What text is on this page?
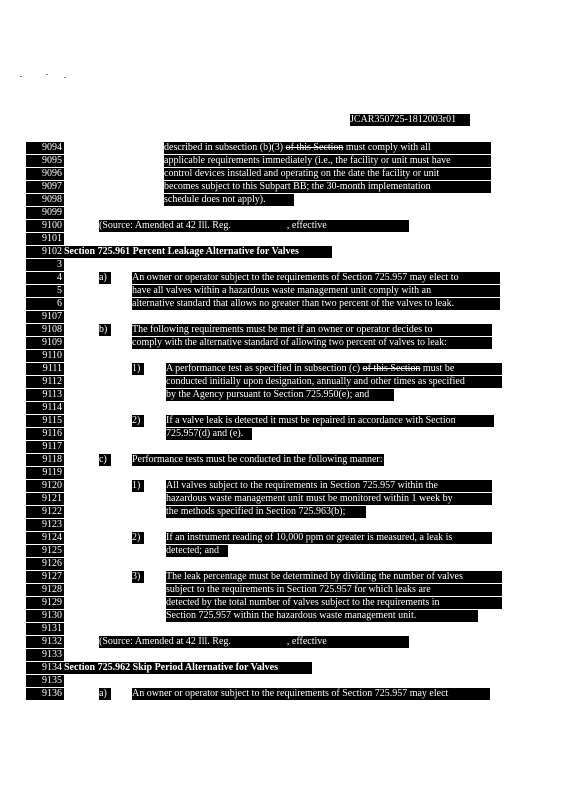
JCAR350725-1812003r01
9094
9095
9096
9097
9098
9099
9100
9101
9102
3
4
5
6
9107
9108
9109
9110
9111
9112
9113
9114
9115
9116
9117
9118
9119
9120
9121
9122
9123
9124
9125
9126
9127
9128
9129
9130
9131
9132
9133
9134
9135
9136
described in subsection (b)(3) of this Section must comply with all
applicable requirements immediately (i.e., the facility or unit must have
control devices installed and operating on the date the facility or unit
becomes subject to this Subpart BB; the 30-month implementation
schedule does not apply).
(Source: Amended at 42 Ill. Reg.	, effective	)
Section 725.961 Percent Leakage Alternative for Valves
a)	An owner or operator subject to the requirements of Section 725.957 may elect to
have all valves within a hazardous waste management unit comply with an
alternative standard that allows no greater than two percent of the valves to leak.
b)	The following requirements must be met if an owner or operator decides to
comply with the alternative standard of allowing two percent of valves to leak:
1)	A performance test as specified in subsection (c) of this Section must be
conducted initially upon designation, annually and other times as specified
by the Agency pursuant to Section 725.950(e); and
2)	If a valve leak is detected it must be repaired in accordance with Section
725.957(d) and (e).
c)	Performance tests must be conducted in the following manner:
1)	All valves subject to the requirements in Section 725.957 within the
hazardous waste management unit must be monitored within 1 week by
the methods specified in Section 725.963(b);
2)	If an instrument reading of 10,000 ppm or greater is measured, a leak is
detected; and
3)	The leak percentage must be determined by dividing the number of valves
subject to the requirements in Section 725.957 for which leaks are
detected by the total number of valves subject to the requirements in
Section 725.957 within the hazardous waste management unit.
(Source: Amended at 42 Ill. Reg.	, effective	)
Section 725.962 Skip Period Alternative for Valves
a)	An owner or operator subject to the requirements of Section 725.957 may elect
